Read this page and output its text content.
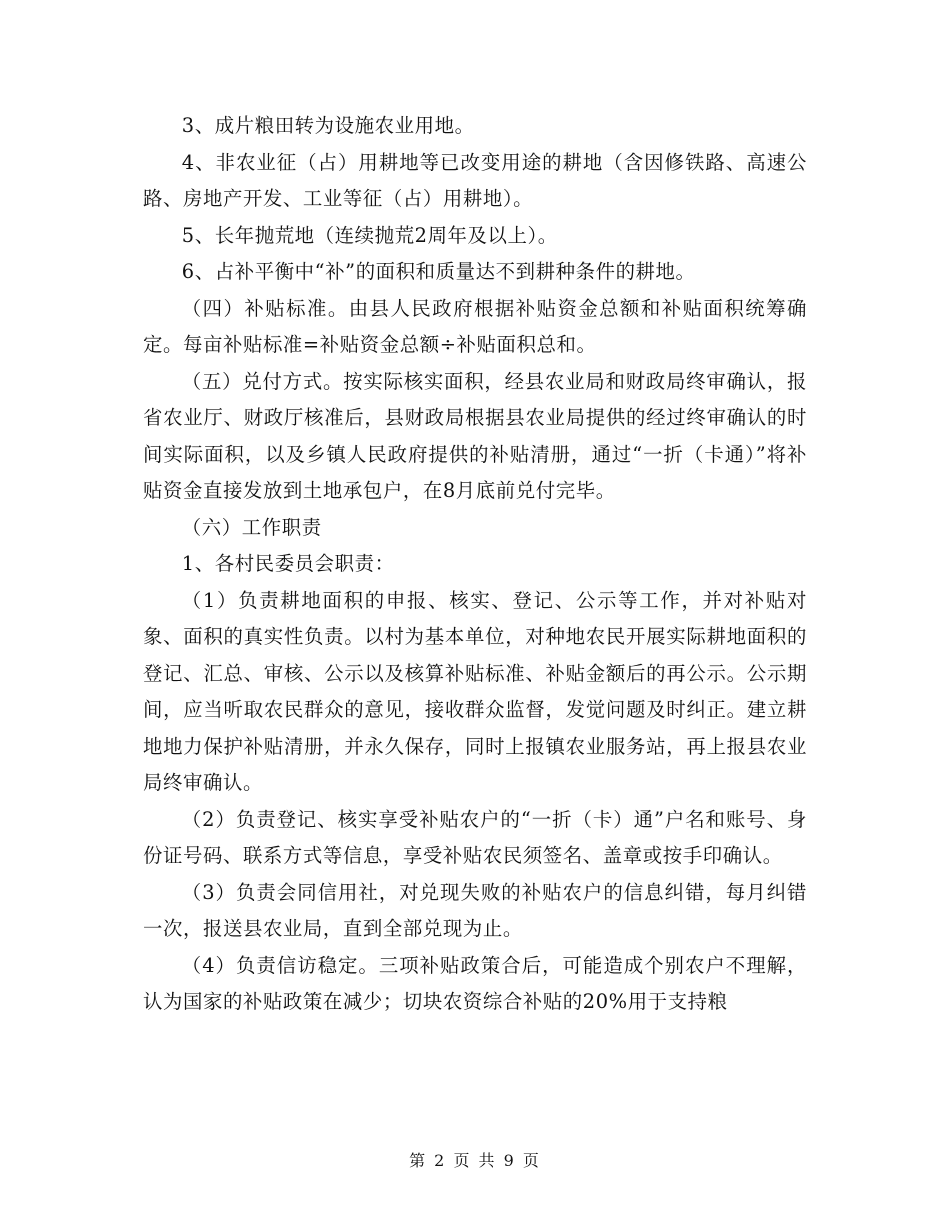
3、成片粮田转为设施农业用地。

4、非农业征（占）用耕地等已改变用途的耕地（含因修铁路、高速公路、房地产开发、工业等征（占）用耕地）。

5、长年抛荒地（连续抛荒2周年及以上）。

6、占补平衡中“补”的面积和质量达不到耕种条件的耕地。

（四）补贴标准。由县人民政府根据补贴资金总额和补贴面积统筹确定。每亩补贴标准=补贴资金总额÷补贴面积总和。

（五）兑付方式。按实际核实面积，经县农业局和财政局终审确认，报省农业厅、财政厅核准后，县财政局根据县农业局提供的经过终审确认的时间实际面积，以及乡镇人民政府提供的补贴清册，通过“一折（卡通）”将补贴资金直接发放到土地承包户，在8月底前兑付完毕。

（六）工作职责

1、各村民委员会职责：

（1）负责耕地面积的申报、核实、登记、公示等工作，并对补贴对象、面积的真实性负责。以村为基本单位，对种地农民开展实际耕地面积的登记、汇总、审核、公示以及核算补贴标准、补贴金额后的再公示。公示期间，应当听取农民群众的意见，接收群众监督，发觉问题及时纠正。建立耕地地力保护补贴清册，并永久保存，同时上报镇农业服务站，再上报县农业局终审确认。

（2）负责登记、核实享受补贴农户的“一折（卡）通”户名和账号、身份证号码、联系方式等信息，享受补贴农民须签名、盖章或按手印确认。

（3）负责会同信用社，对兑现失败的补贴农户的信息纠错，每月纠错一次，报送县农业局，直到全部兑现为止。

（4）负责信访稳定。三项补贴政策合后，可能造成个别农户不理解，认为国家的补贴政策在减少；切块农资综合补贴的20%用于支持粮

第 2 页 共 9 页
